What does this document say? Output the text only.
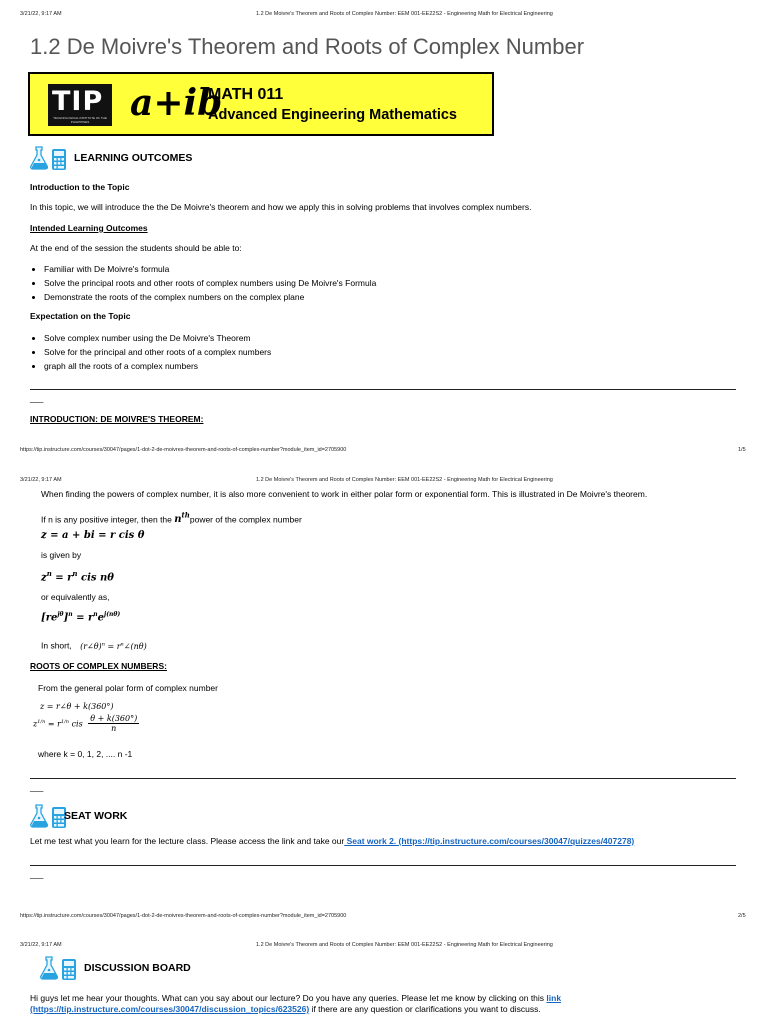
3/21/22, 9:17 AM	1.2 De Moivre's Theorem and Roots of Complex Number: EEM 001-EE22S2 - Engineering Math for Electrical Engineering
1.2 De Moivre's Theorem and Roots of Complex Number
TIP
TECHNOLOGICAL INSTITUTE OF THE PHILIPPINES	a+ib
MATH 011
Advanced Engineering Mathematics
LEARNING OUTCOMES
Introduction to the Topic
In this topic, we will introduce the the De Moivre's theorem and how we apply this in solving problems that involves complex numbers.
Intended Learning Outcomes
At the end of the session the students should be able to:
• Familiar with De Moivre's formula
• Solve the principal roots and other roots of complex numbers using De Moivre's Formula
• Demonstrate the roots of the complex numbers on the complex plane
Expectation on the Topic
• Solve complex number using the De Moivre's Theorem
• Solve for the principal and other roots of a complex numbers
• graph all the roots of a complex numbers
___
INTRODUCTION: DE MOIVRE'S THEOREM:
https://tip.instructure.com/courses/30047/pages/1-dot-2-de-moivres-theorem-and-roots-of-complex-number?module_item_id=2705900	1/5
3/21/22, 9:17 AM	1.2 De Moivre's Theorem and Roots of Complex Number: EEM 001-EE22S2 - Engineering Math for Electrical Engineering
When finding the powers of complex number, it is also more convenient to work in either polar form or exponential form. This is illustrated in De Moivre's theorem.
If n is any positive integer, then the $n^{th}power$ of the complex number
z = a + bi = r cis θ
is given by
$z^n = r^n$ cis nθ
or equivalently as,
$[re^{j\theta}]^n = r^ne^{j(n\theta)}$
In short, (r∠θ)$^n$ = $r^n\angle(n\theta)$
ROOTS OF COMPLEX NUMBERS:
From the general polar form of complex number
z = r∠θ + k(360°)
$z^{1/n} = r^{1/n}$ cis $\frac{\theta + k(360^\circ)}{n}$
where k = 0, 1, 2, .... n -1
___
SEAT WORK
Let me test what you learn for the lecture class. Please access the link and take our Seat work 2. (https://tip.instructure.com/courses/30047/quizzes/407278)
___
https://tip.instructure.com/courses/30047/pages/1-dot-2-de-moivres-theorem-and-roots-of-complex-number?module_item_id=2705900	2/5
3/21/22, 9:17 AM	1.2 De Moivre's Theorem and Roots of Complex Number: EEM 001-EE22S2 - Engineering Math for Electrical Engineering
DISCUSSION BOARD
Hi guys let me hear your thoughts. What can you say about our lecture? Do you have any queries. Please let me know by clicking on this link
(https://tip.instructure.com/courses/30047/discussion_topics/623526) if there are any question or clarifications you want to discuss.
